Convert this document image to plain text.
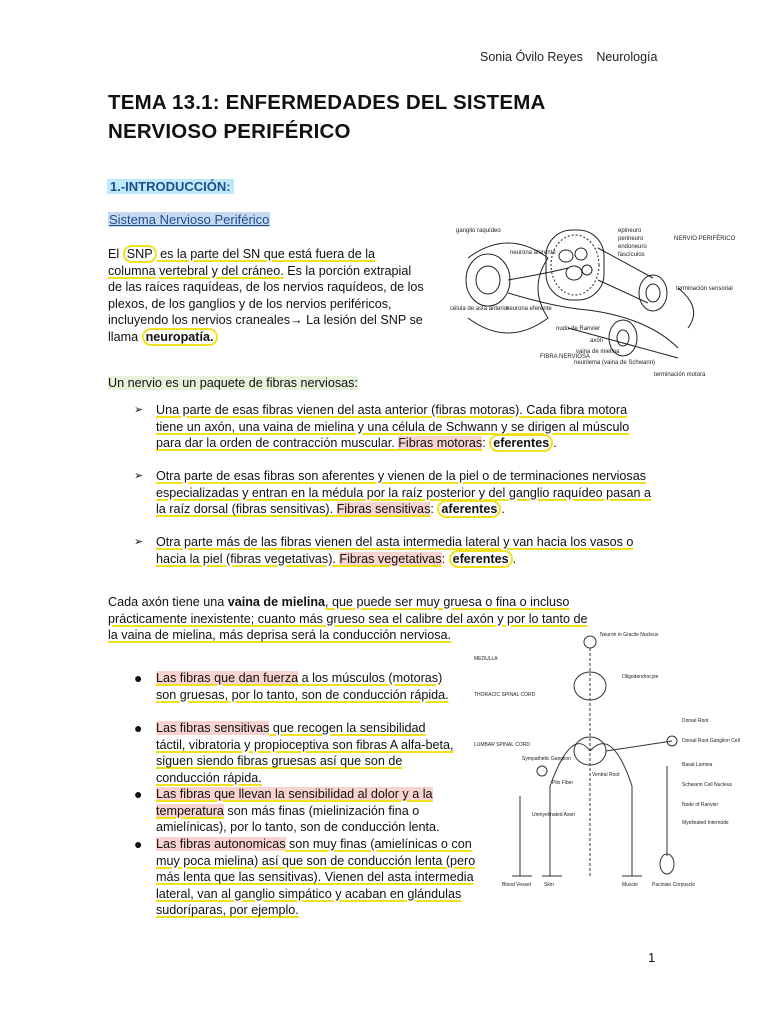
Sonia Óvilo Reyes Neurología
TEMA 13.1: ENFERMEDADES DEL SISTEMA
NERVIOSO PERIFÉRICO
1.-INTRODUCCIÓN:
Sistema Nervioso Periférico
El SNP es la parte del SN que está fuera de la columna vertebral y del cráneo. Es la porción extrapial de las raíces raquídeas, de los nervios raquídeos, de los plexos, de los ganglios y de los nervios periféricos, incluyendo los nervios craneales→ La lesión del SNP se llama neuropatía.
ganglio raquídeo
neurona aferente
célula de asta anterior
neurona eferente
nudo de Ranvier
epineuro
perineuro
endoneuro
fascículos
NERVIO PERIFÉRICO
terminación sensorial
axón
vaina de mielina
neurilema (vaina de Schwann)
FIBRA NERVIOSA
terminación motora
Un nervio es un paquete de fibras nerviosas:
➢ Una parte de esas fibras vienen del asta anterior (fibras motoras). Cada fibra motora tiene un axón, una vaina de mielina y una célula de Schwann y se dirigen al músculo para dar la orden de contracción muscular. Fibras motoras: eferentes .
➢ Otra parte de esas fibras son aferentes y vienen de la piel o de terminaciones nerviosas especializadas y entran en la médula por la raíz posterior y del ganglio raquídeo pasan a la raíz dorsal (fibras sensitivas). Fibras sensitivas: aferentes .
➢ Otra parte más de las fibras vienen del asta intermedia lateral y van hacia los vasos o hacia la piel (fibras vegetativas). Fibras vegetativas: eferentes .
Cada axón tiene una vaina de mielina, que puede ser muy gruesa o fina o incluso prácticamente inexistente; cuanto más grueso sea el calibre del axón y por lo tanto de la vaina de mielina, más deprisa será la conducción nerviosa.
● Las fibras que dan fuerza a los músculos (motoras) son gruesas, por lo tanto, son de conducción rápida.
● Las fibras sensitivas que recogen la sensibilidad táctil, vibratoria y propioceptiva son fibras A alfa-beta, siguen siendo fibras gruesas así que son de conducción rápida.
● Las fibras que llevan la sensibilidad al dolor y a la temperatura son más finas (mielinización fina o amielínicas), por lo tanto, son de conducción lenta.
● Las fibras autonomicas son muy finas (amielínicas o con muy poca mielina) así que son de conducción lenta (pero más lenta que las sensitivas). Vienen del asta intermedia lateral, van al ganglio simpático y acaban en glándulas sudoríparas, por ejemplo.
Neuron in Gracile Nucleus
MEDULLA
Oligodendrocyte
THORACIC SPINAL CORD
Dorsal Root
Dorsal Root Ganglion Cell
LUMBAR SPINAL CORD
Sympathetic Ganglion
Ventral Root
Pilo Fiber
Basal Lamina
Unmyelinated Axon
Schwann Cell Nucleus
Node of Ranvier
Myelinated Internode
Blood Vessel	Skin	Muscle	Pacinian Corpuscle
1
